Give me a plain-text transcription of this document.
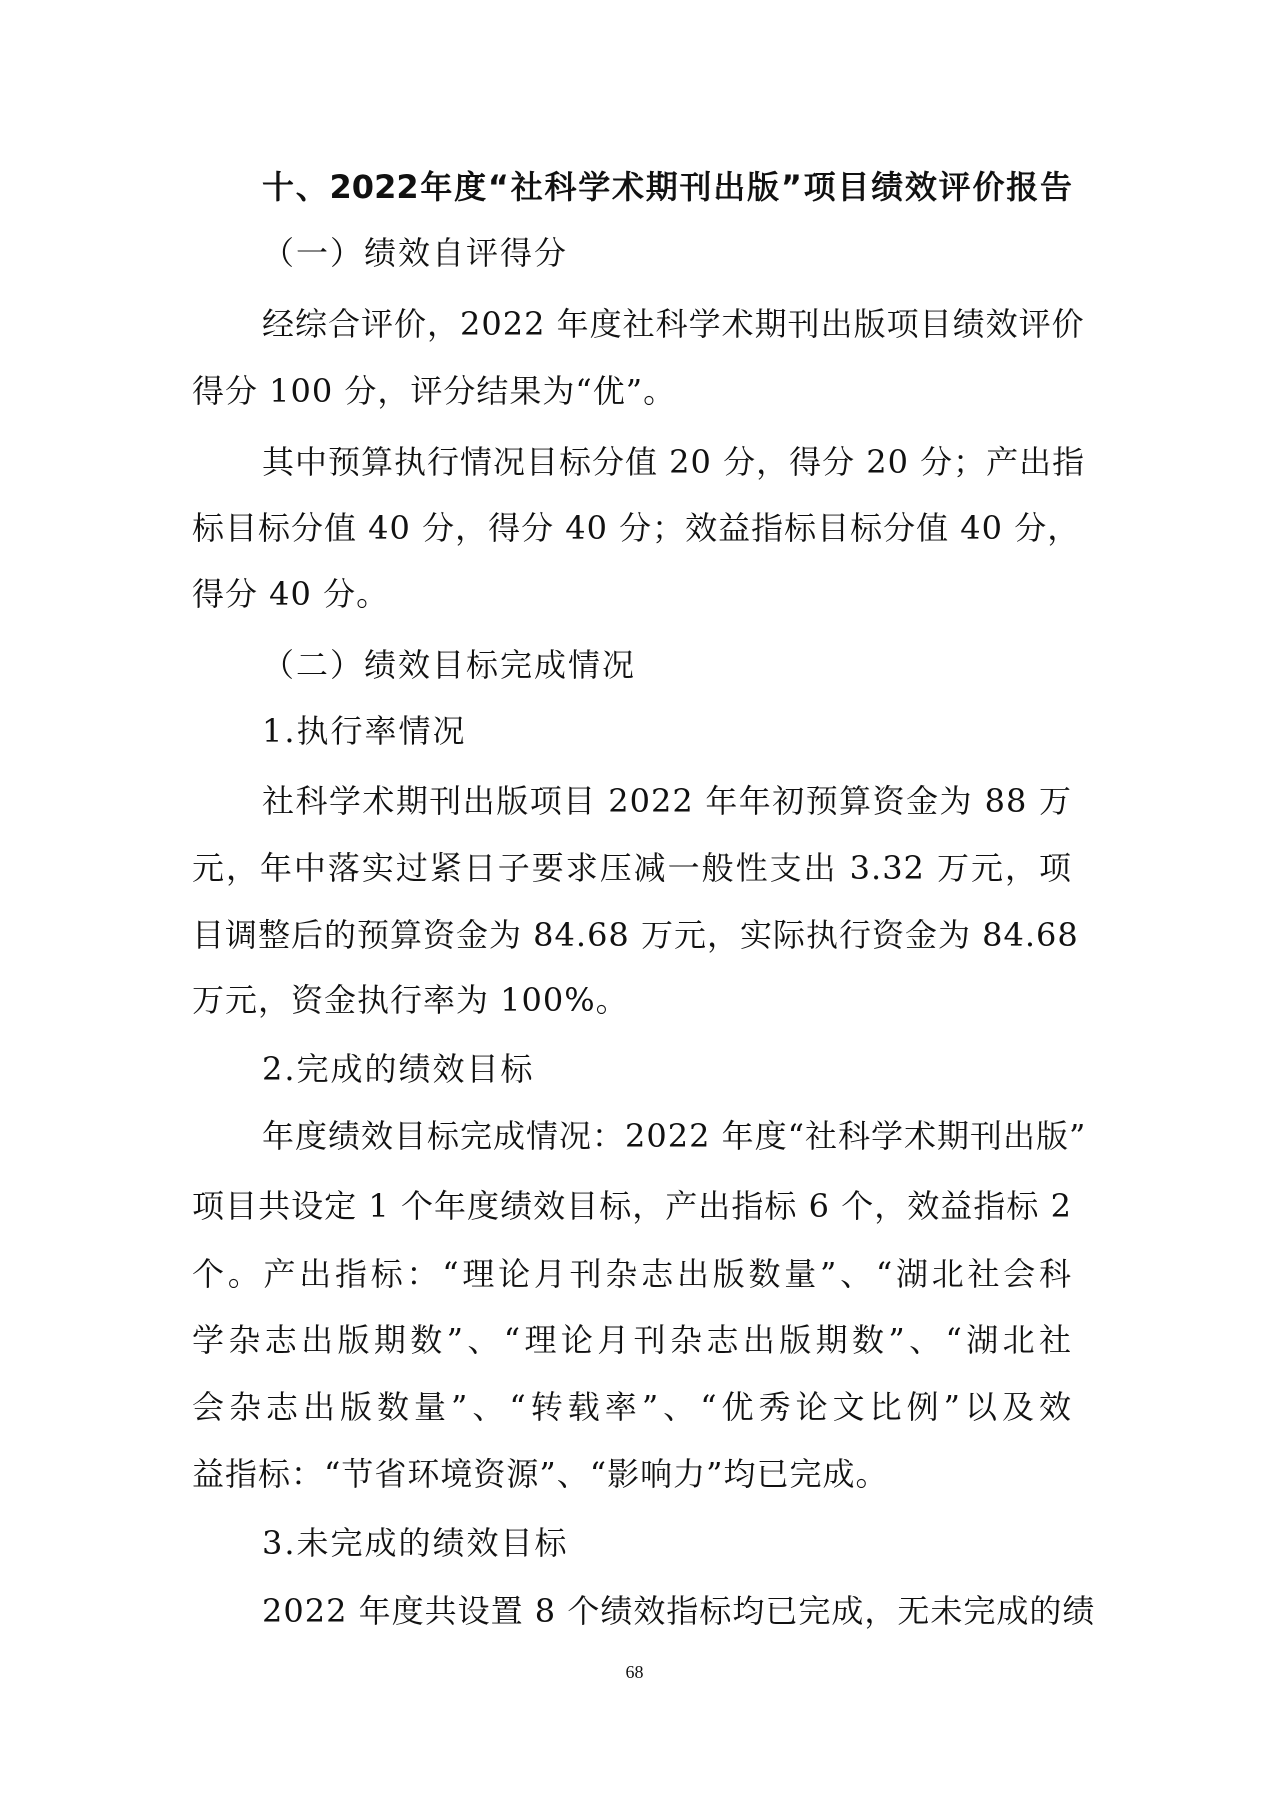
十、2022年度“社科学术期刊出版”项目绩效评价报告
（一）绩效自评得分
经综合评价，2022 年度社科学术期刊出版项目绩效评价
得分 100 分，评分结果为“优”。
其中预算执行情况目标分值 20 分，得分 20 分；产出指
标目标分值 40 分，得分 40 分；效益指标目标分值 40 分，
得分 40 分。
（二）绩效目标完成情况
1.执行率情况
社科学术期刊出版项目 2022 年年初预算资金为 88 万
元，年中落实过紧日子要求压减一般性支出 3.32 万元，项
目调整后的预算资金为 84.68 万元，实际执行资金为 84.68
万元，资金执行率为 100%。
2.完成的绩效目标
年度绩效目标完成情况：2022 年度“社科学术期刊出版”
项目共设定 1 个年度绩效目标，产出指标 6 个，效益指标 2
个。产出指标：“理论月刊杂志出版数量”、“湖北社会科
学杂志出版期数”、“理论月刊杂志出版期数”、“湖北社
会杂志出版数量”、“转载率”、“优秀论文比例”以及效
益指标：“节省环境资源”、“影响力”均已完成。
3.未完成的绩效目标
2022 年度共设置 8 个绩效指标均已完成，无未完成的绩
68
